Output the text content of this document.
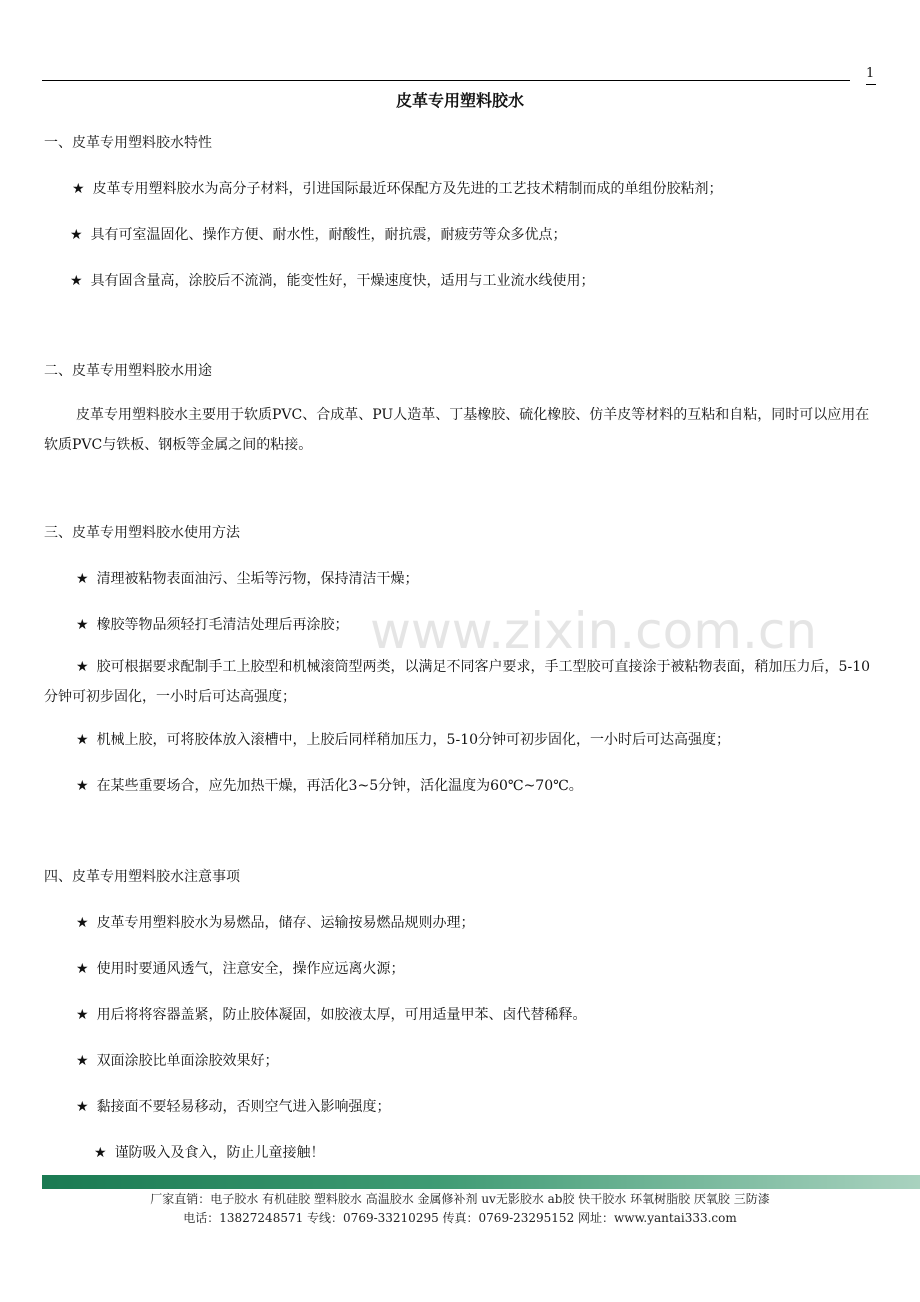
1
皮革专用塑料胶水
一、皮革专用塑料胶水特性
★ 皮革专用塑料胶水为高分子材料，引进国际最近环保配方及先进的工艺技术精制而成的单组份胶粘剂；
★ 具有可室温固化、操作方便、耐水性，耐酸性，耐抗震，耐疲劳等众多优点；
★ 具有固含量高，涂胶后不流淌，能变性好，干燥速度快，适用与工业流水线使用；
二、皮革专用塑料胶水用途
皮革专用塑料胶水主要用于软质PVC、合成革、PU人造革、丁基橡胶、硫化橡胶、仿羊皮等材料的互粘和自粘，同时可以应用在软质PVC与铁板、钢板等金属之间的粘接。
三、皮革专用塑料胶水使用方法
★ 清理被粘物表面油污、尘垢等污物，保持清洁干燥；
★ 橡胶等物品须轻打毛清洁处理后再涂胶；
★ 胶可根据要求配制手工上胶型和机械滚筒型两类，以满足不同客户要求，手工型胶可直接涂于被粘物表面，稍加压力后，5-10分钟可初步固化，一小时后可达高强度；
★ 机械上胶，可将胶体放入滚槽中，上胶后同样稍加压力，5-10分钟可初步固化，一小时后可达高强度；
★ 在某些重要场合，应先加热干燥，再活化3~5分钟，活化温度为60℃~70℃。
四、皮革专用塑料胶水注意事项
★ 皮革专用塑料胶水为易燃品，储存、运输按易燃品规则办理；
★ 使用时要通风透气，注意安全，操作应远离火源；
★ 用后将将容器盖紧，防止胶体凝固，如胶液太厚，可用适量甲苯、卤代替稀释。
★ 双面涂胶比单面涂胶效果好；
★ 黏接面不要轻易移动，否则空气进入影响强度；
★ 谨防吸入及食入，防止儿童接触！
www.zixin.com.cn
厂家直销：电子胶水 有机硅胶 塑料胶水 高温胶水 金属修补剂 uv无影胶水 ab胶 快干胶水 环氧树脂胶 厌氧胶 三防漆
电话：13827248571 专线：0769-33210295 传真：0769-23295152 网址：www.yantai333.com
